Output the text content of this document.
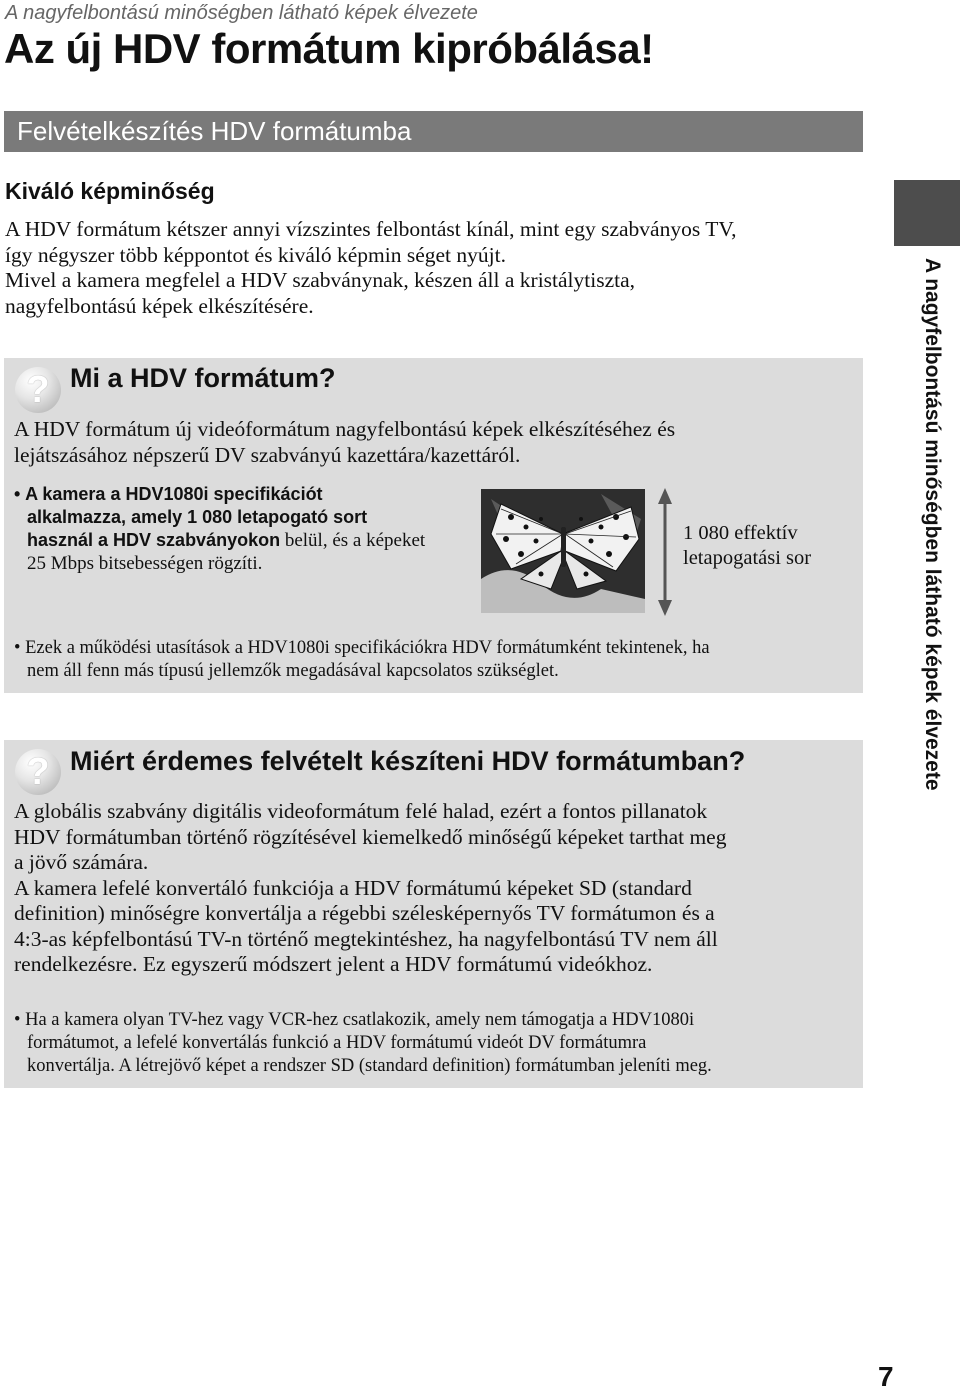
A nagyfelbontású minőségben látható képek élvezete
Az új HDV formátum kipróbálása!
Felvételkészítés HDV formátumba
Kiváló képminőség

A HDV formátum kétszer annyi vízszintes felbontást kínál, mint egy szabványos TV,
így négyszer több képpontot és kiváló képmin séget nyújt.
Mivel a kamera megfelel a HDV szabványnak, készen áll a kristálytiszta,
nagyfelbontású képek elkészítésére.	A nagyfelbontású minőségben látható képek élvezete
? Mi a HDV formátum?

A HDV formátum új videóformátum nagyfelbontású képek elkészítéséhez és
lejátszásához népszerű DV szabványú kazettára/kazettáról.

• A kamera a HDV1080i specifikációt
alkalmazza, amely 1 080 letapogató sort
használ a HDV szabványokon belül, és a képeket
25 Mbps bitsebességen rögzíti.

1 080 effektív
letapogatási sor

• Ezek a működési utasítások a HDV1080i specifikációkra HDV formátumként tekintenek, ha
nem áll fenn más típusú jellemzők megadásával kapcsolatos szükséglet.
? Miért érdemes felvételt készíteni HDV formátumban?

A globális szabvány digitális videoformátum felé halad, ezért a fontos pillanatok
HDV formátumban történő rögzítésével kiemelkedő minőségű képeket tarthat meg
a jövő számára.
A kamera lefelé konvertáló funkciója a HDV formátumú képeket SD (standard
definition) minőségre konvertálja a régebbi szélesképernyős TV formátumon és a
4:3-as képfelbontású TV-n történő megtekintéshez, ha nagyfelbontású TV nem áll
rendelkezésre. Ez egyszerű módszert jelent a HDV formátumú videókhoz.

• Ha a kamera olyan TV-hez vagy VCR-hez csatlakozik, amely nem támogatja a HDV1080i
formátumot, a lefelé konvertálás funkció a HDV formátumú videót DV formátumra
konvertálja. A létrejövő képet a rendszer SD (standard definition) formátumban jeleníti meg.
7
